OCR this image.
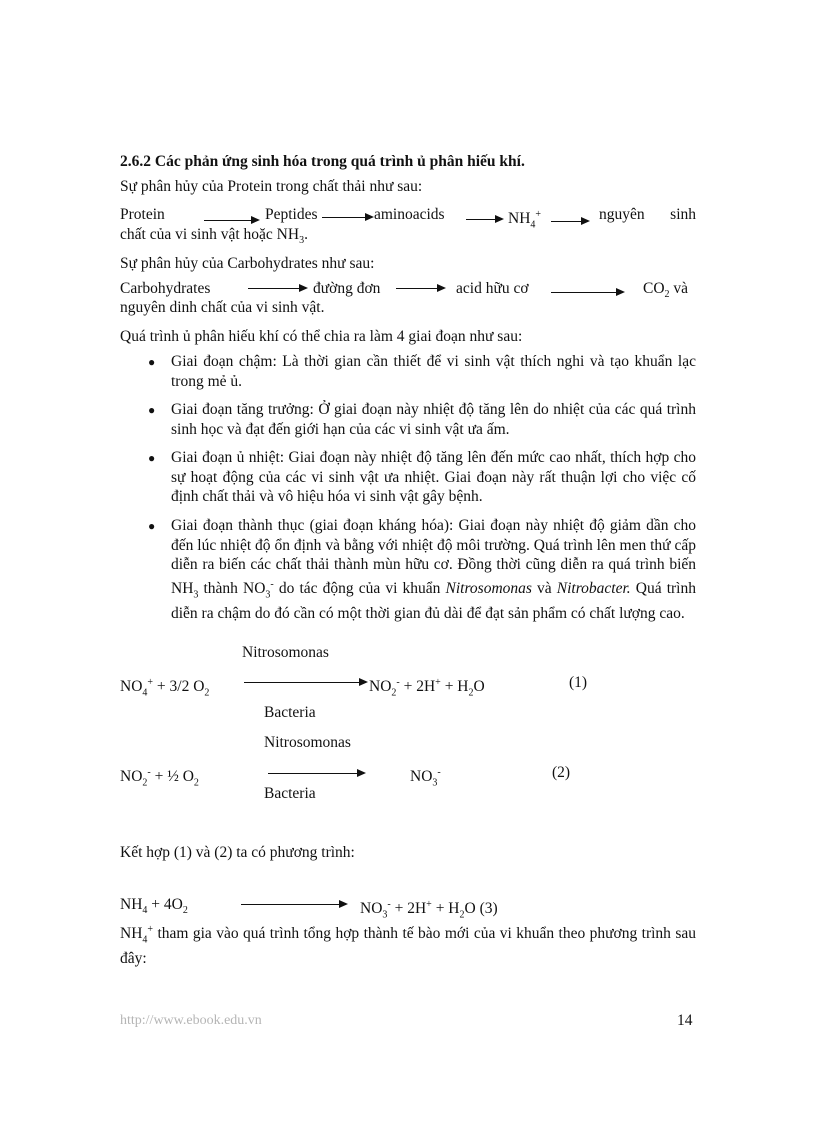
2.6.2 Các phản ứng sinh hóa trong quá trình ủ phân hiếu khí.
Sự phân hủy của Protein trong chất thải như sau:
Protein	Peptides	aminoacids	$NH_4^+$	nguyên sinh
chất của vi sinh vật hoặc $NH_3$.
Sự phân hủy của Carbohydrates như sau:
Carbohydrates	đường đơn	acid hữu cơ	$CO_2$ và
nguyên dinh chất của vi sinh vật.
Quá trình ủ phân hiếu khí có thể chia ra làm 4 giai đoạn như sau:
● Giai đoạn chậm: Là thời gian cần thiết để vi sinh vật thích nghi và tạo khuẩn lạc trong mẻ ủ.
● Giai đoạn tăng trưởng: Ở giai đoạn này nhiệt độ tăng lên do nhiệt của các quá trình sinh học và đạt đến giới hạn của các vi sinh vật ưa ấm.
● Giai đoạn ủ nhiệt: Giai đoạn này nhiệt độ tăng lên đến mức cao nhất, thích hợp cho sự hoạt động của các vi sinh vật ưa nhiệt. Giai đoạn này rất thuận lợi cho việc cố định chất thải và vô hiệu hóa vi sinh vật gây bệnh.
● Giai đoạn thành thục (giai đoạn kháng hóa): Giai đoạn này nhiệt độ giảm dần cho đến lúc nhiệt độ ổn định và bằng với nhiệt độ môi trường. Quá trình lên men thứ cấp diễn ra biến các chất thải thành mùn hữu cơ. Đồng thời cũng diễn ra quá trình biến $NH_3$ thành $NO_3^-$ do tác động của vi khuẩn Nitrosomonas và Nitrobacter. Quá trình diễn ra chậm do đó cần có một thời gian đủ dài để đạt sản phẩm có chất lượng cao.
Nitrosomonas
$NO_4^+ + 3/2$ $O_2$	$NO_2^- + 2H^+ + H_2O$	(1)
Bacteria
Nitrosomonas
$NO_2^-$ + ½ $O_2$	$NO_3^-$	(2)
Bacteria
Kết hợp (1) và (2) ta có phương trình:
$NH_4 + 4O_2$	$NO_3^- + 2H^+ + H_2O$ (3)
$NH_4^+$ tham gia vào quá trình tổng hợp thành tế bào mới của vi khuẩn theo phương trình sau đây:
http://www.ebook.edu.vn	14
